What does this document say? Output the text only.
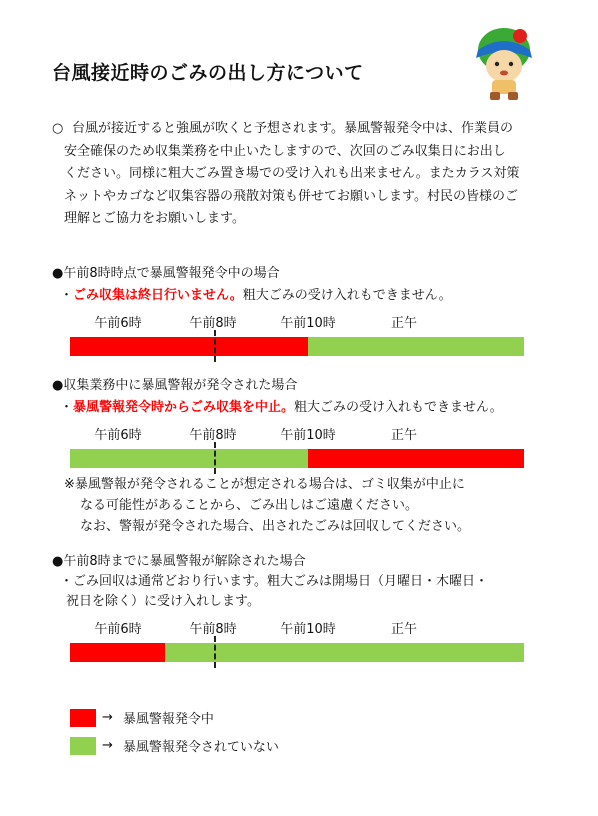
台風接近時のごみの出し方について
○ 台風が接近すると強風が吹くと予想されます。暴風警報発令中は、作業員の
安全確保のため収集業務を中止いたしますので、次回のごみ収集日にお出し
ください。同様に粗大ごみ置き場での受け入れも出来ません。またカラス対策
ネットやカゴなど収集容器の飛散対策も併せてお願いします。村民の皆様のご
理解とご協力をお願いします。
●午前8時時点で暴風警報発令中の場合
・ごみ収集は終日行いません。粗大ごみの受け入れもできません。
午前6時	午前8時	午前10時	正午
●収集業務中に暴風警報が発令された場合
・暴風警報発令時からごみ収集を中止。粗大ごみの受け入れもできません。
午前6時	午前8時	午前10時	正午
※暴風警報が発令されることが想定される場合は、ゴミ収集が中止に
なる可能性があることから、ごみ出しはご遠慮ください。
なお、警報が発令された場合、出されたごみは回収してください。
●午前8時までに暴風警報が解除された場合
・ごみ回収は通常どおり行います。粗大ごみは開場日（月曜日・木曜日・
祝日を除く）に受け入れします。
午前6時	午前8時	午前10時	正午
→ 暴風警報発令中
→ 暴風警報発令されていない
